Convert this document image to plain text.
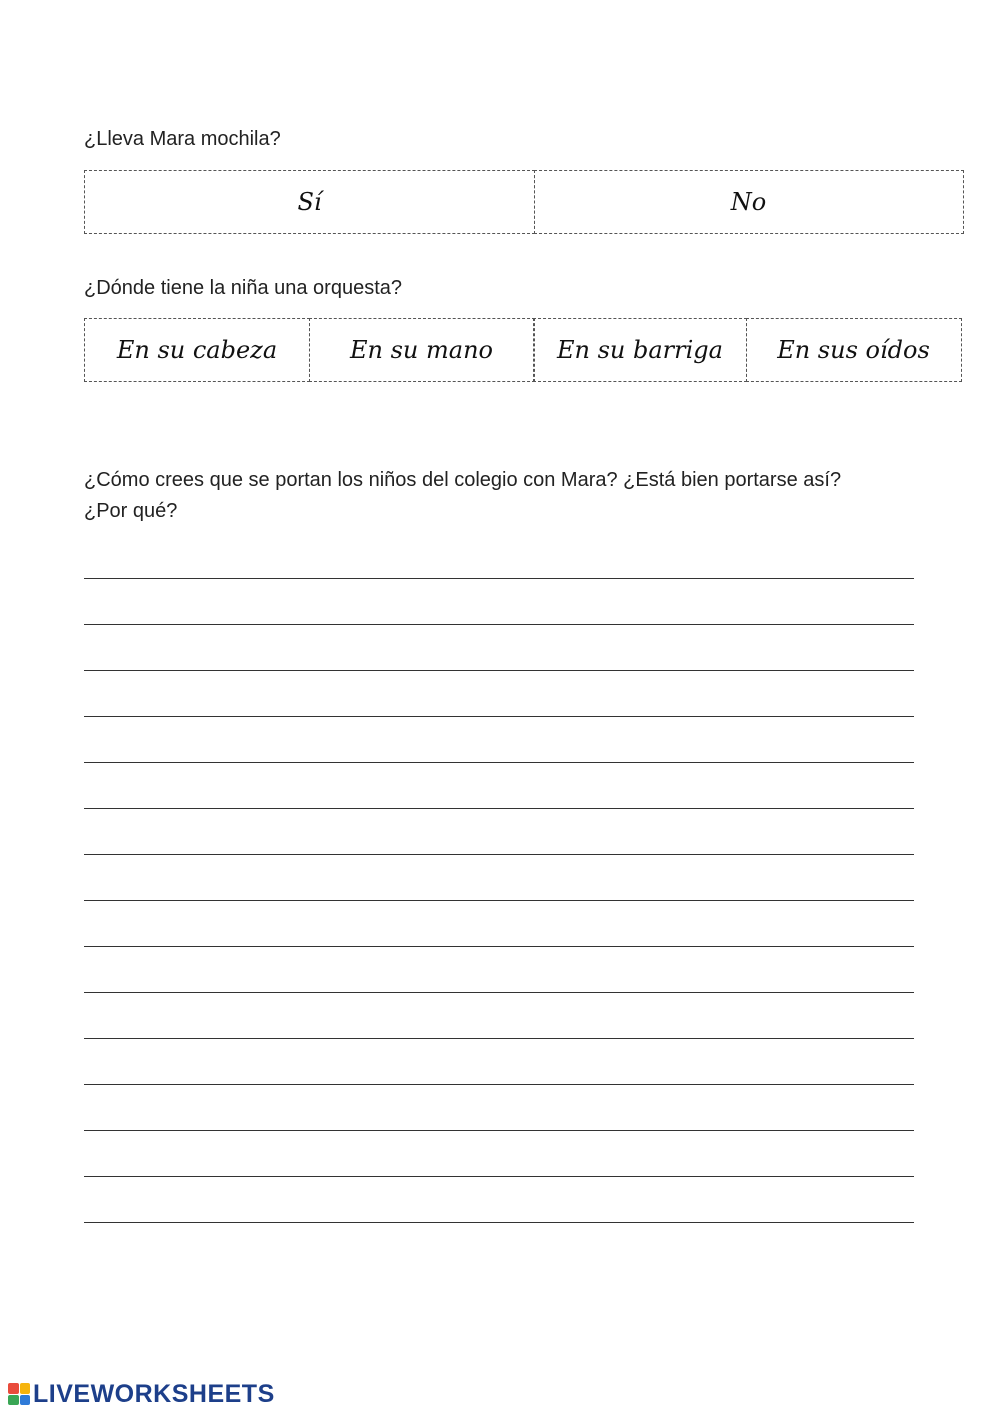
¿Lleva Mara mochila?

Sí	No

¿Dónde tiene la niña una orquesta?

En su cabeza	En su mano	En su barriga	En sus oídos

¿Cómo crees que se portan los niños del colegio con Mara? ¿Está bien portarse así?
¿Por qué?

LIVEWORKSHEETS
